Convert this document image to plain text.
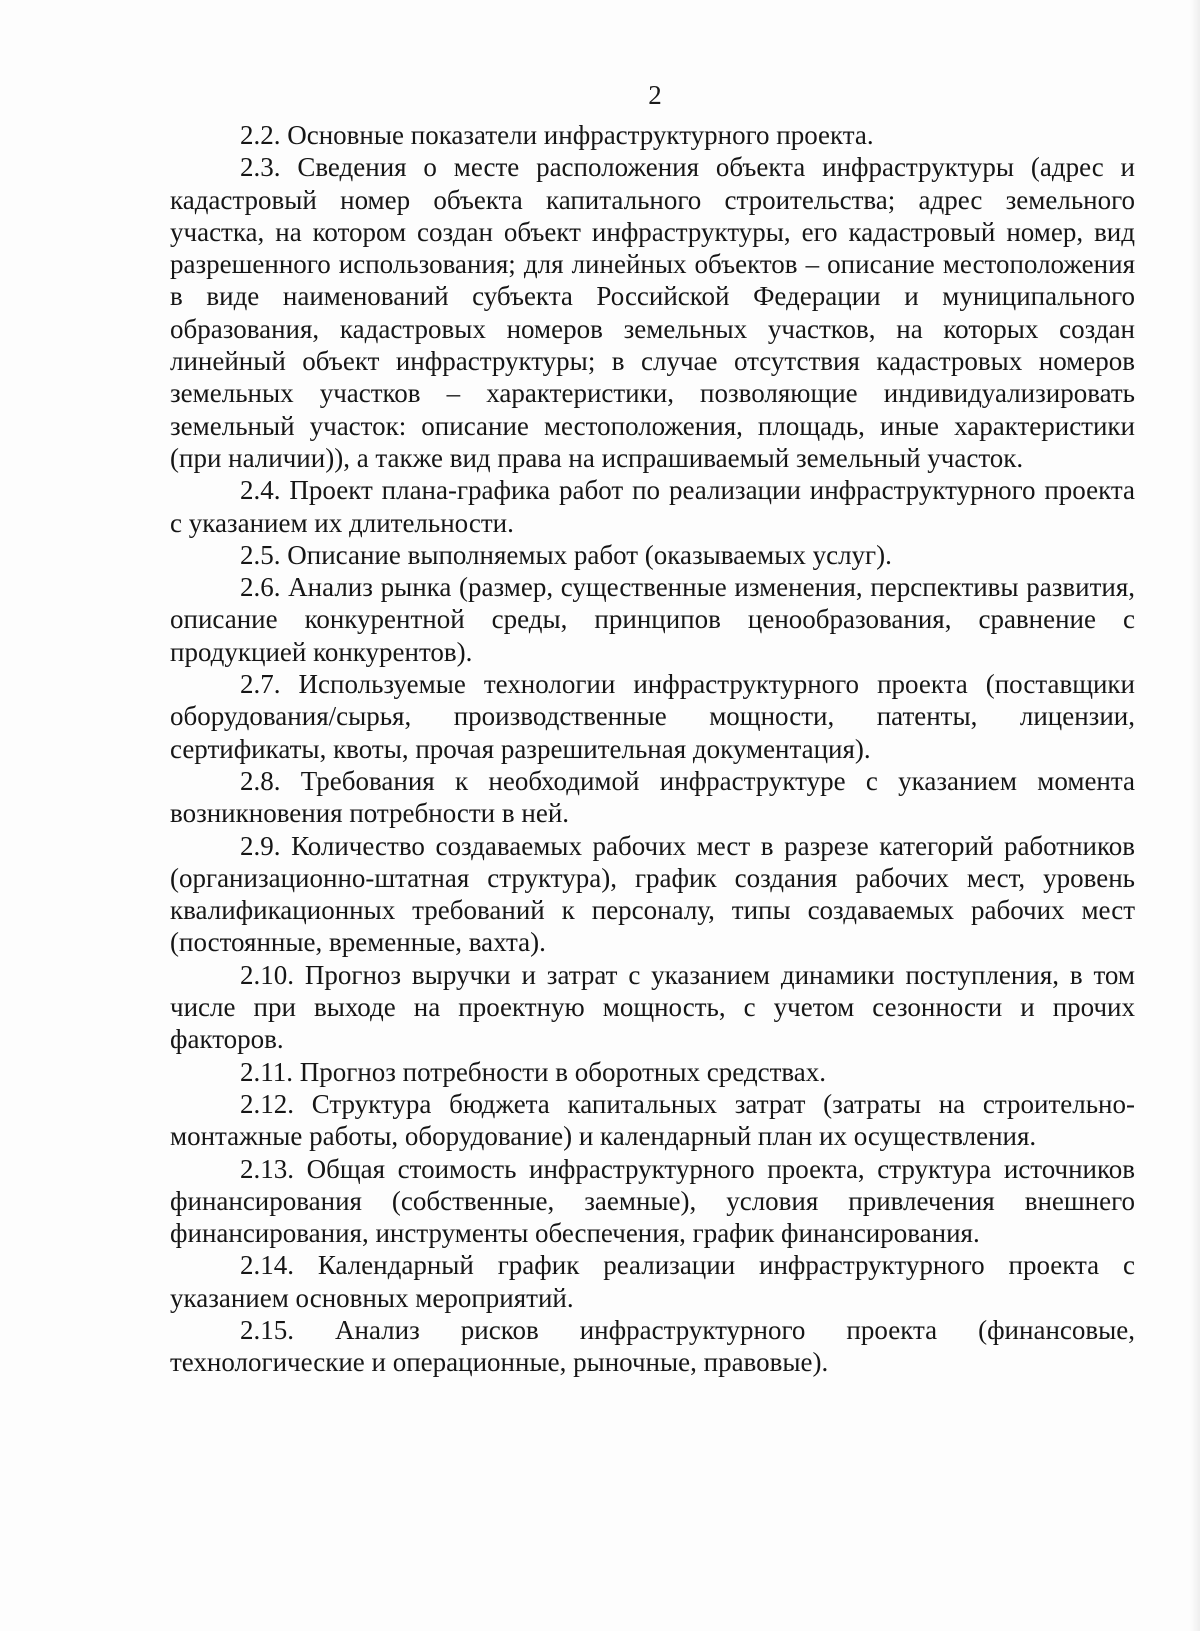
2

2.2. Основные показатели инфраструктурного проекта.

2.3. Сведения о месте расположения объекта инфраструктуры (адрес и кадастровый номер объекта капитального строительства; адрес земельного участка, на котором создан объект инфраструктуры, его кадастровый номер, вид разрешенного использования; для линейных объектов – описание местоположения в виде наименований субъекта Российской Федерации и муниципального образования, кадастровых номеров земельных участков, на которых создан линейный объект инфраструктуры; в случае отсутствия кадастровых номеров земельных участков – характеристики, позволяющие индивидуализировать земельный участок: описание местоположения, площадь, иные характеристики (при наличии)), а также вид права на испрашиваемый земельный участок.

2.4. Проект плана-графика работ по реализации инфраструктурного проекта с указанием их длительности.

2.5. Описание выполняемых работ (оказываемых услуг).

2.6. Анализ рынка (размер, существенные изменения, перспективы развития, описание конкурентной среды, принципов ценообразования, сравнение с продукцией конкурентов).

2.7. Используемые технологии инфраструктурного проекта (поставщики оборудования/сырья, производственные мощности, патенты, лицензии, сертификаты, квоты, прочая разрешительная документация).

2.8. Требования к необходимой инфраструктуре с указанием момента возникновения потребности в ней.

2.9. Количество создаваемых рабочих мест в разрезе категорий работников (организационно-штатная структура), график создания рабочих мест, уровень квалификационных требований к персоналу, типы создаваемых рабочих мест (постоянные, временные, вахта).

2.10. Прогноз выручки и затрат с указанием динамики поступления, в том числе при выходе на проектную мощность, с учетом сезонности и прочих факторов.

2.11. Прогноз потребности в оборотных средствах.

2.12. Структура бюджета капитальных затрат (затраты на строительно-монтажные работы, оборудование) и календарный план их осуществления.

2.13. Общая стоимость инфраструктурного проекта, структура источников финансирования (собственные, заемные), условия привлечения внешнего финансирования, инструменты обеспечения, график финансирования.

2.14. Календарный график реализации инфраструктурного проекта с указанием основных мероприятий.

2.15. Анализ рисков инфраструктурного проекта (финансовые, технологические и операционные, рыночные, правовые).
